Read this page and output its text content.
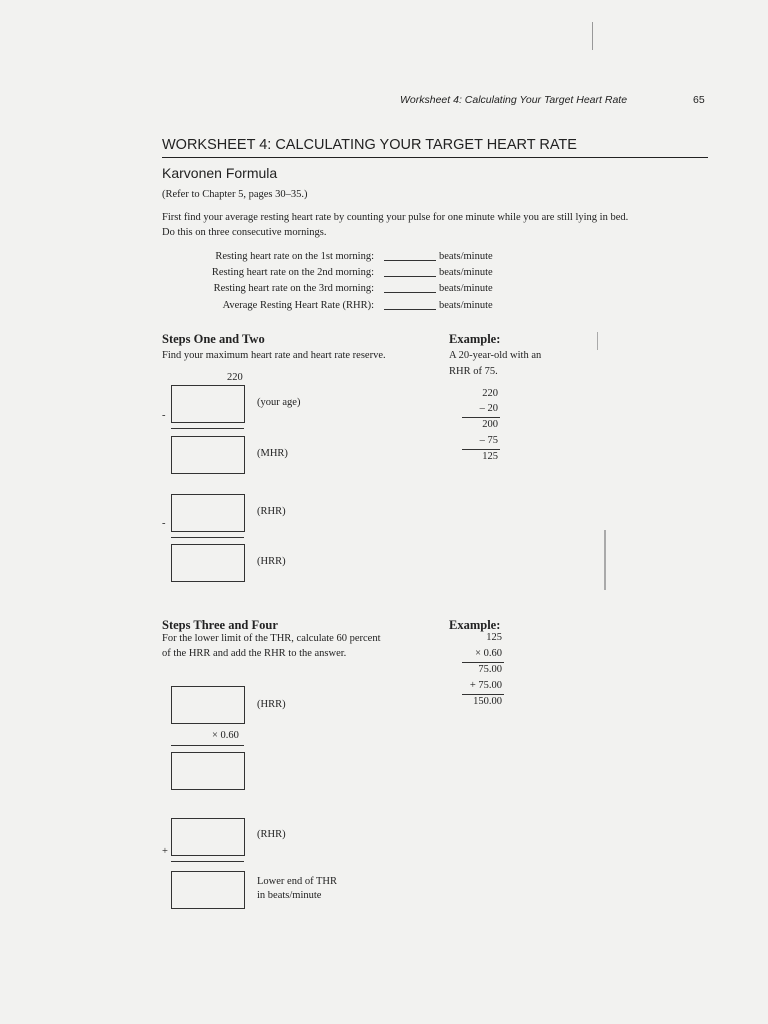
Worksheet 4: Calculating Your Target Heart Rate	65
WORKSHEET 4: CALCULATING YOUR TARGET HEART RATE
Karvonen Formula
(Refer to Chapter 5, pages 30–35.)
First find your average resting heart rate by counting your pulse for one minute while you are still lying in bed.
Do this on three consecutive mornings.
Resting heart rate on the 1st morning:	beats/minute
Resting heart rate on the 2nd morning:	beats/minute
Resting heart rate on the 3rd morning:	beats/minute
Average Resting Heart Rate (RHR):	beats/minute
Steps One and Two
Find your maximum heart rate and heart rate reserve.
220
-
(your age)
(MHR)
-
(RHR)
(HRR)
Example:
A 20-year-old with an
RHR of 75.
220
– 20
200
– 75
125
Steps Three and Four
For the lower limit of the THR, calculate 60 percent
of the HRR and add the RHR to the answer.
(HRR)
× 0.60
(RHR)
+
Lower end of THR
in beats/minute
Example:
125
× 0.60
75.00
+ 75.00
150.00
